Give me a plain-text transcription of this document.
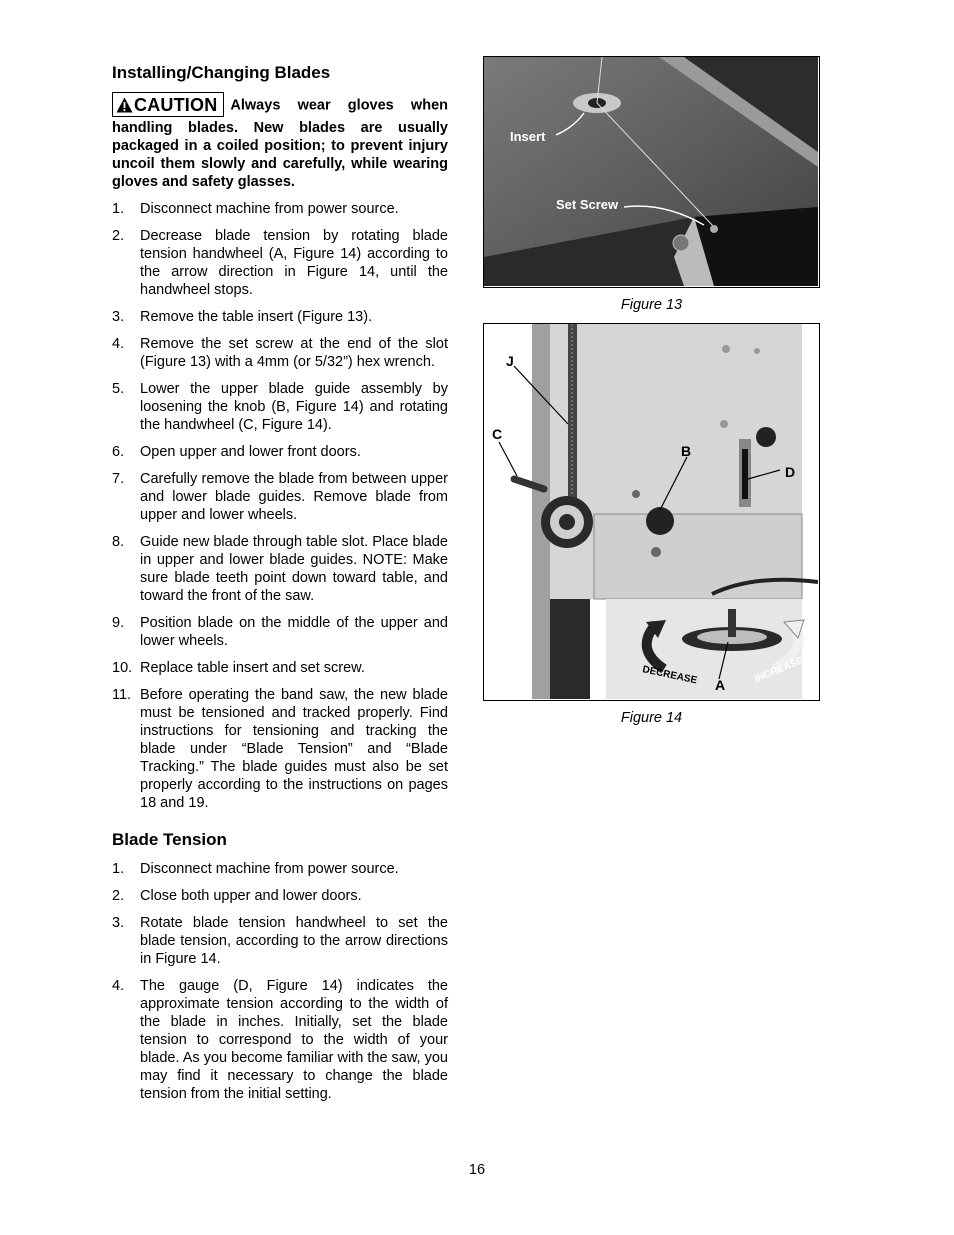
Installing/Changing Blades
CAUTION Always wear gloves when handling blades. New blades are usually packaged in a coiled position; to prevent injury uncoil them slowly and carefully, while wearing gloves and safety glasses.
1.	Disconnect machine from power source.
2.	Decrease blade tension by rotating blade tension handwheel (A, Figure 14) according to the arrow direction in Figure 14, until the handwheel stops.
3.	Remove the table insert (Figure 13).
4.	Remove the set screw at the end of the slot (Figure 13) with a 4mm (or 5/32”) hex wrench.
5.	Lower the upper blade guide assembly by loosening the knob (B, Figure 14) and rotating the handwheel (C, Figure 14).
6.	Open upper and lower front doors.
7.	Carefully remove the blade from between upper and lower blade guides. Remove blade from upper and lower wheels.
8.	Guide new blade through table slot. Place blade in upper and lower blade guides. NOTE: Make sure blade teeth point down toward table, and toward the front of the saw.
9.	Position blade on the middle of the upper and lower wheels.
10. Replace table insert and set screw.
11. Before operating the band saw, the new blade must be tensioned and tracked properly. Find instructions for tensioning and tracking the blade under “Blade Tension” and “Blade Tracking.” The blade guides must also be set properly according to the instructions on pages 18 and 19.
Blade Tension
1.	Disconnect machine from power source.
2.	Close both upper and lower doors.
3.	Rotate blade tension handwheel to set the blade tension, according to the arrow directions in Figure 14.
4.	The gauge (D, Figure 14) indicates the approximate tension according to the width of the blade in inches. Initially, set the blade tension to correspond to the width of your blade. As you become familiar with the saw, you may find it necessary to change the blade tension from the initial setting.
Insert
Set Screw
J
C
B
D
A
DECREASE	INCREASE
Figure 13
Figure 14
16
